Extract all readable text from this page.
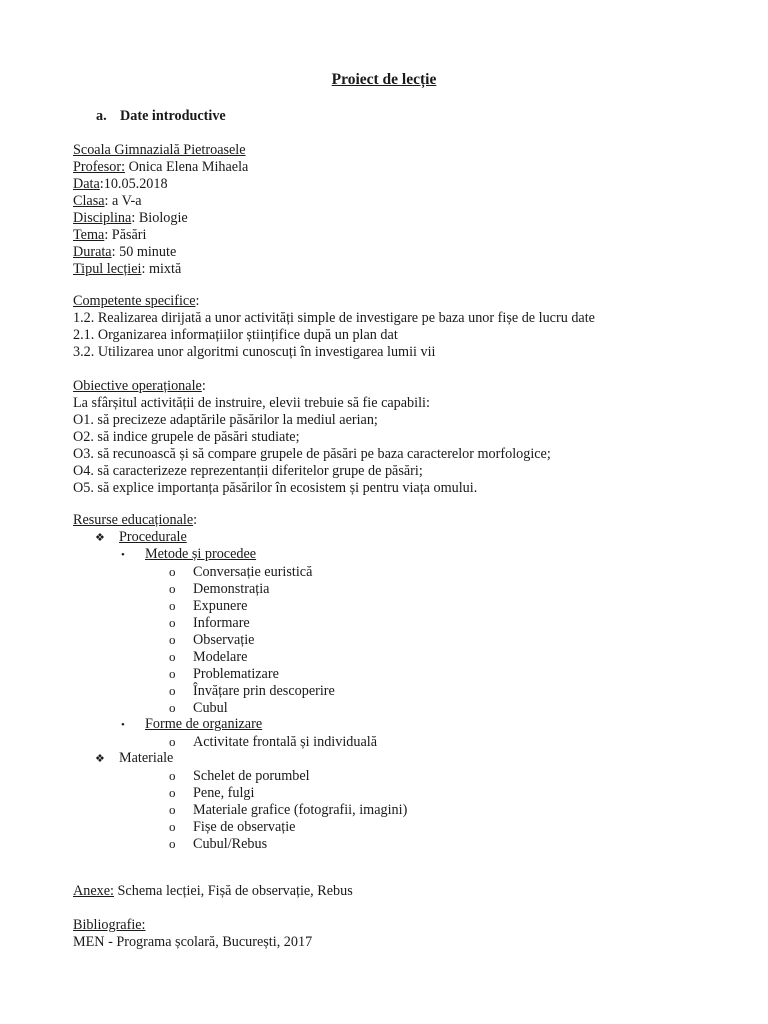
Proiect de lecție
a. Date introductive
Scoala Gimnazială Pietroasele
Profesor: Onica Elena Mihaela
Data:10.05.2018
Clasa: a V-a
Disciplina: Biologie
Tema: Păsări
Durata: 50 minute
Tipul lecției: mixtă
Competente specifice:
1.2. Realizarea dirijată a unor activități simple de investigare pe baza unor fișe de lucru date
2.1. Organizarea informațiilor științifice după un plan dat
3.2. Utilizarea unor algoritmi cunoscuți în investigarea lumii vii
Obiective operaționale:
La sfârșitul activității de instruire, elevii trebuie să fie capabili:
O1. să precizeze adaptările păsărilor la mediul aerian;
O2. să indice grupele de păsări studiate;
O3. să recunoască și să compare grupele de păsări pe baza caracterelor morfologice;
O4. să caracterizeze reprezentanții diferitelor grupe de păsări;
O5. să explice importanța păsărilor în ecosistem și pentru viața omului.
Resurse educaționale:
❖ Procedurale
• Metode și procedee
o Conversație euristică
o Demonstrația
o Expunere
o Informare
o Observație
o Modelare
o Problematizare
o Învățare prin descoperire
o Cubul
• Forme de organizare
o Activitate frontală și individuală
❖ Materiale
o Schelet de porumbel
o Pene, fulgi
o Materiale grafice (fotografii, imagini)
o Fișe de observație
o Cubul/Rebus
Anexe: Schema lecției, Fișă de observație, Rebus
Bibliografie:
MEN - Programa școlară, București, 2017
